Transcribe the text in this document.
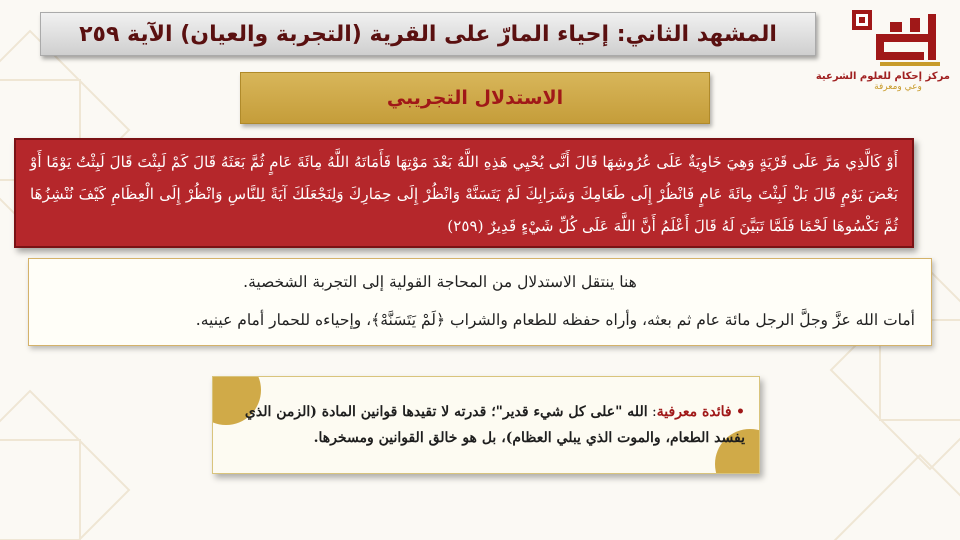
المشهد الثاني: إحياء المارّ على القرية (التجربة والعيان) الآية ٢٥٩
مركز إحكام للعلوم الشرعية
وعي ومعرفة
الاستدلال التجريبي

أَوْ كَالَّذِي مَرَّ عَلَى قَرْيَةٍ وَهِيَ خَاوِيَةٌ عَلَى عُرُوشِهَا قَالَ أَنَّى يُحْيِي هَذِهِ اللَّهُ بَعْدَ مَوْتِهَا فَأَمَاتَهُ اللَّهُ مِائَةَ عَامٍ ثُمَّ بَعَثَهُ قَالَ كَمْ لَبِثْتَ قَالَ لَبِثْتُ يَوْمًا أَوْ بَعْضَ يَوْمٍ قَالَ بَلْ لَبِثْتَ مِائَةَ عَامٍ فَانْظُرْ إِلَى طَعَامِكَ وَشَرَابِكَ لَمْ يَتَسَنَّهْ وَانْظُرْ إِلَى حِمَارِكَ وَلِنَجْعَلَكَ آيَةً لِلنَّاسِ وَانْظُرْ إِلَى الْعِظَامِ كَيْفَ نُنْشِزُهَا ثُمَّ نَكْسُوهَا لَحْمًا فَلَمَّا تَبَيَّنَ لَهُ قَالَ أَعْلَمُ أَنَّ اللَّهَ عَلَى كُلِّ شَيْءٍ قَدِيرٌ (٢٥٩)

هنا ينتقل الاستدلال من المحاجة القولية إلى التجربة الشخصية.

أمات الله عزَّ وجلَّ الرجل مائة عام ثم بعثه، وأراه حفظه للطعام والشراب ﴿لَمْ يَتَسَنَّهْ﴾، وإحياءه للحمار أمام عينيه.

• فائدة معرفية: الله "على كل شيء قدير"؛ قدرته لا تقيدها قوانين المادة (الزمن الذي يفسد الطعام، والموت الذي يبلي العظام)، بل هو خالق القوانين ومسخرها.
